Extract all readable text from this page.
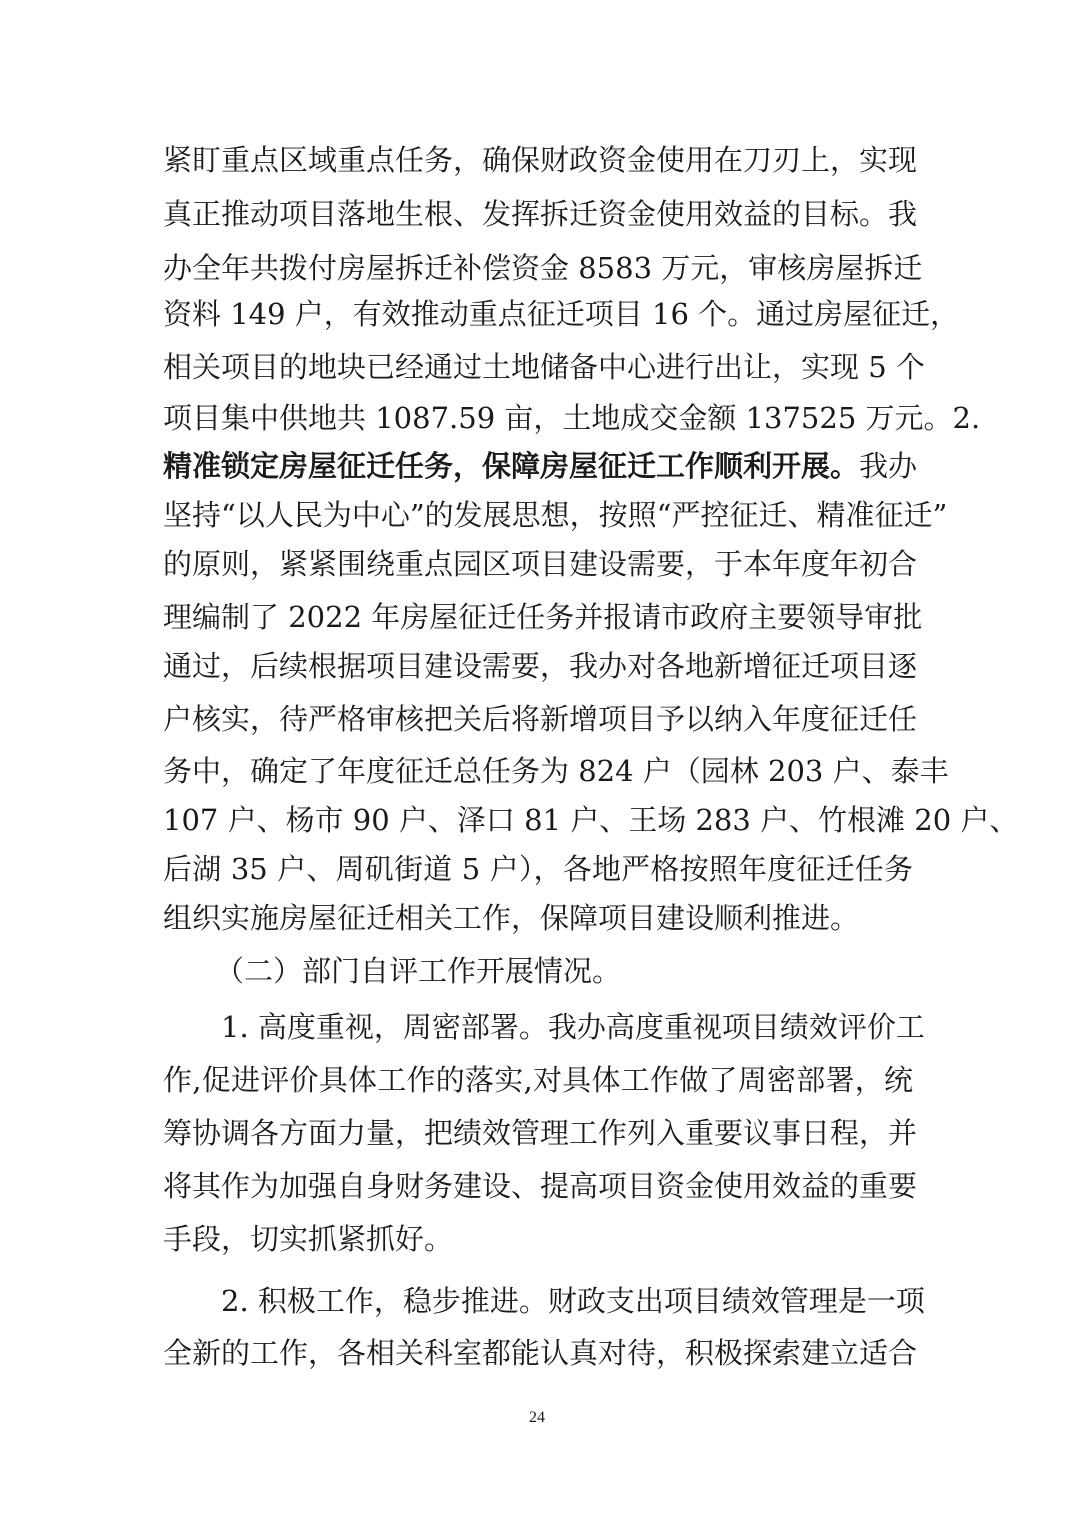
紧盯重点区域重点任务，确保财政资金使用在刀刃上，实现
真正推动项目落地生根、发挥拆迁资金使用效益的目标。我
办全年共拨付房屋拆迁补偿资金 8583 万元，审核房屋拆迁
资料 149 户，有效推动重点征迁项目 16 个。通过房屋征迁，
相关项目的地块已经通过土地储备中心进行出让，实现 5 个
项目集中供地共 1087.59 亩，土地成交金额 137525 万元。2.
精准锁定房屋征迁任务，保障房屋征迁工作顺利开展。我办
坚持“以人民为中心”的发展思想，按照“严控征迁、精准征迁”
的原则，紧紧围绕重点园区项目建设需要，于本年度年初合
理编制了 2022 年房屋征迁任务并报请市政府主要领导审批
通过，后续根据项目建设需要，我办对各地新增征迁项目逐
户核实，待严格审核把关后将新增项目予以纳入年度征迁任
务中，确定了年度征迁总任务为 824 户（园林 203 户、泰丰
107 户、杨市 90 户、泽口 81 户、王场 283 户、竹根滩 20 户、
后湖 35 户、周矶街道 5 户），各地严格按照年度征迁任务
组织实施房屋征迁相关工作，保障项目建设顺利推进。
（二）部门自评工作开展情况。
1. 高度重视，周密部署。我办高度重视项目绩效评价工
作,促进评价具体工作的落实,对具体工作做了周密部署，统
筹协调各方面力量，把绩效管理工作列入重要议事日程，并
将其作为加强自身财务建设、提高项目资金使用效益的重要
手段，切实抓紧抓好。
2. 积极工作，稳步推进。财政支出项目绩效管理是一项
全新的工作，各相关科室都能认真对待，积极探索建立适合
24
